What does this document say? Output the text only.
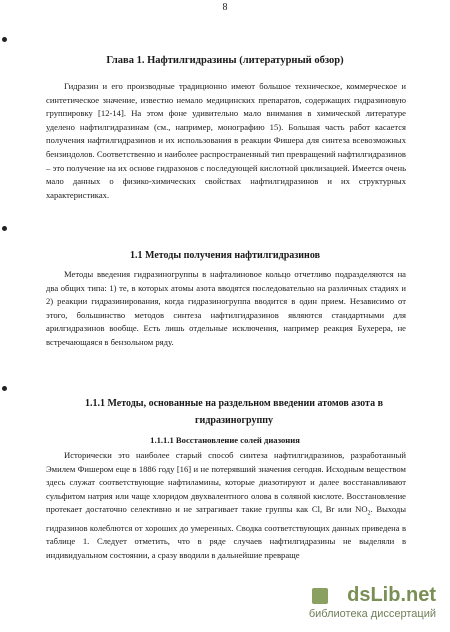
8
Глава 1. Нафтилгидразины (литературный обзор)

Гидразин и его производные традиционно имеют большое техническое, коммерческое и синтетическое значение, известно немало медицинских препаратов, содержащих гидразиновую группировку [12-14]. На этом фоне удивительно мало внимания в химической литературе уделено нафтилгидразинам (см., например, монографию 15). Большая часть работ касается получения нафтилгидразинов и их использования в реакции Фишера для синтеза всевозможных бензиндолов. Соответственно и наиболее распространенный тип превращений нафтилгидразинов – это получение на их основе гидразонов с последующей кислотной циклизацией. Имеется очень мало данных о физико-химических свойствах нафтилгидразинов и их структурных характеристиках.

1.1 Методы получения нафтилгидразинов

Методы введения гидразиногруппы в нафталиновое кольцо отчетливо подразделяются на два общих типа: 1) те, в которых атомы азота вводятся последовательно на различных стадиях и 2) реакции гидразинирования, когда гидразиногруппа вводится в один прием. Независимо от этого, большинство методов синтеза нафтилгидразинов являются стандартными для арилгидразинов вообще. Есть лишь отдельные исключения, например реакция Бухерера, не встречающаяся в бензольном ряду.

1.1.1 Методы, основанные на раздельном введении атомов азота в гидразиногруппу
1.1.1.1 Восстановление солей диазония

Исторически это наиболее старый способ синтеза нафтилгидразинов, разработанный Эмилем Фишером еще в 1886 году [16] и не потерявший значения сегодня. Исходным веществом здесь служат соответствующие нафтиламины, которые диазотируют и далее восстанавливают сульфитом натрия или чаще хлоридом двухвалентного олова в соляной кислоте. Восстановление протекает достаточно селективно и не затрагивает такие группы как Cl, Br или $NO_2$. Выходы гидразинов колеблются от хороших до умеренных. Сводка соответствующих данных приведена в таблице 1. Следует отметить, что в ряде случаев нафтилгидразины не выделяли в индивидуальном состоянии, а сразу вводили в дальнейшие превраще

dsLib.net
библиотека диссертаций
